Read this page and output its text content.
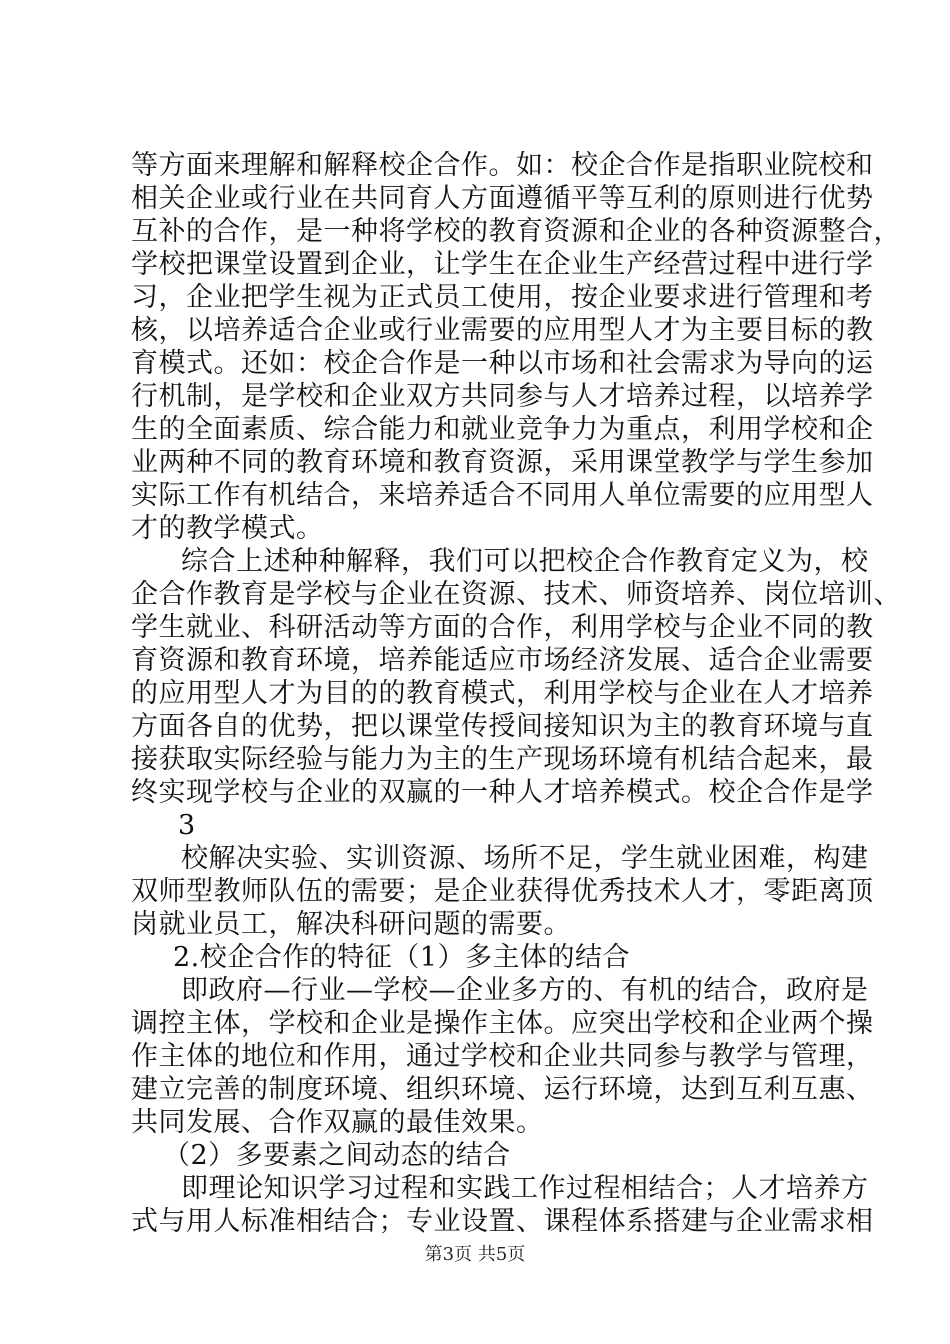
等方面来理解和解释校企合作。如：校企合作是指职业院校和
相关企业或行业在共同育人方面遵循平等互利的原则进行优势
互补的合作，是一种将学校的教育资源和企业的各种资源整合，
学校把课堂设置到企业，让学生在企业生产经营过程中进行学
习，企业把学生视为正式员工使用，按企业要求进行管理和考
核，以培养适合企业或行业需要的应用型人才为主要目标的教
育模式。还如：校企合作是一种以市场和社会需求为导向的运
行机制，是学校和企业双方共同参与人才培养过程，以培养学
生的全面素质、综合能力和就业竞争力为重点，利用学校和企
业两种不同的教育环境和教育资源，采用课堂教学与学生参加
实际工作有机结合，来培养适合不同用人单位需要的应用型人
才的教学模式。
综合上述种种解释，我们可以把校企合作教育定义为，校
企合作教育是学校与企业在资源、技术、师资培养、岗位培训、
学生就业、科研活动等方面的合作，利用学校与企业不同的教
育资源和教育环境，培养能适应市场经济发展、适合企业需要
的应用型人才为目的的教育模式，利用学校与企业在人才培养
方面各自的优势，把以课堂传授间接知识为主的教育环境与直
接获取实际经验与能力为主的生产现场环境有机结合起来，最
终实现学校与企业的双赢的一种人才培养模式。校企合作是学
3
校解决实验、实训资源、场所不足，学生就业困难，构建
双师型教师队伍的需要；是企业获得优秀技术人才，零距离顶
岗就业员工，解决科研问题的需要。
2.校企合作的特征（1）多主体的结合
即政府—行业—学校—企业多方的、有机的结合，政府是
调控主体，学校和企业是操作主体。应突出学校和企业两个操
作主体的地位和作用，通过学校和企业共同参与教学与管理，
建立完善的制度环境、组织环境、运行环境，达到互利互惠、
共同发展、合作双赢的最佳效果。
（2）多要素之间动态的结合
即理论知识学习过程和实践工作过程相结合；人才培养方
式与用人标准相结合；专业设置、课程体系搭建与企业需求相
第3页 共5页
